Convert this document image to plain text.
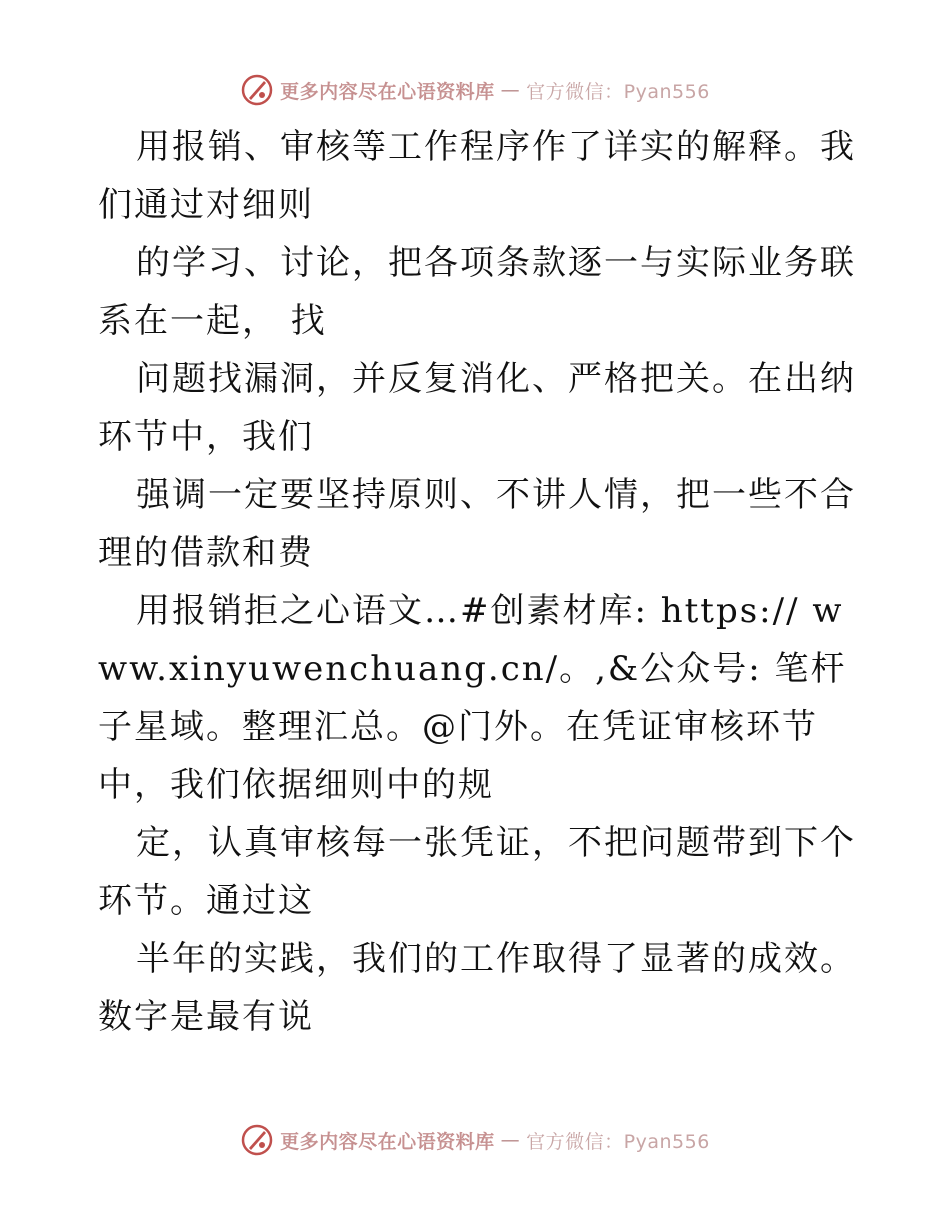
更多内容尽在心语资料库 — 官方微信：Pyan556

用报销、审核等工作程序作了详实的解释。我们通过对细则

的学习、讨论，把各项条款逐一与实际业务联系在一起， 找

问题找漏洞，并反复消化、严格把关。在出纳环节中，我们

强调一定要坚持原则、不讲人情，把一些不合理的借款和费

用报销拒之心语文…#创素材库: https:// www.xinyuwenchuang.cn/。,&公众号: 笔杆子星域。整理汇总。@门外。在凭证审核环节中，我们依据细则中的规

定，认真审核每一张凭证，不把问题带到下个环节。通过这

半年的实践，我们的工作取得了显著的成效。数字是最有说

更多内容尽在心语资料库 — 官方微信：Pyan556
